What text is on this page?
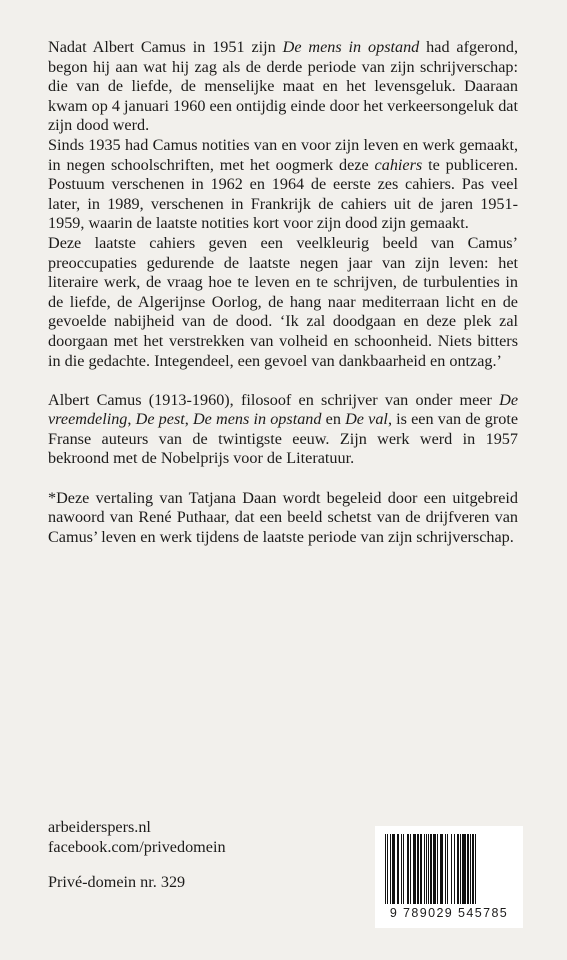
Nadat Albert Camus in 1951 zijn De mens in opstand had afgerond, begon hij aan wat hij zag als de derde periode van zijn schrijverschap: die van de liefde, de menselijke maat en het levensgeluk. Daaraan kwam op 4 januari 1960 een ontijdig einde door het verkeersongeluk dat zijn dood werd.

Sinds 1935 had Camus notities van en voor zijn leven en werk gemaakt, in negen schoolschriften, met het oogmerk deze cahiers te publiceren. Postuum verschenen in 1962 en 1964 de eerste zes cahiers. Pas veel later, in 1989, verschenen in Frankrijk de cahiers uit de jaren 1951-1959, waarin de laatste notities kort voor zijn dood zijn gemaakt.

Deze laatste cahiers geven een veelkleurig beeld van Camus’ preoccupaties gedurende de laatste negen jaar van zijn leven: het literaire werk, de vraag hoe te leven en te schrijven, de turbulenties in de liefde, de Algerijnse Oorlog, de hang naar mediterraan licht en de gevoelde nabijheid van de dood. ‘Ik zal doodgaan en deze plek zal doorgaan met het verstrekken van volheid en schoonheid. Niets bitters in die gedachte. Integendeel, een gevoel van dankbaarheid en ontzag.’

Albert Camus (1913-1960), filosoof en schrijver van onder meer De vreemdeling, De pest, De mens in opstand en De val, is een van de grote Franse auteurs van de twintigste eeuw. Zijn werk werd in 1957 bekroond met de Nobelprijs voor de Literatuur.

*Deze vertaling van Tatjana Daan wordt begeleid door een uitgebreid nawoord van René Puthaar, dat een beeld schetst van de drijfveren van Camus’ leven en werk tijdens de laatste periode van zijn schrijverschap.

arbeiderspers.nl
facebook.com/privedomein
Privé-domein nr. 329
9 789029 545785
